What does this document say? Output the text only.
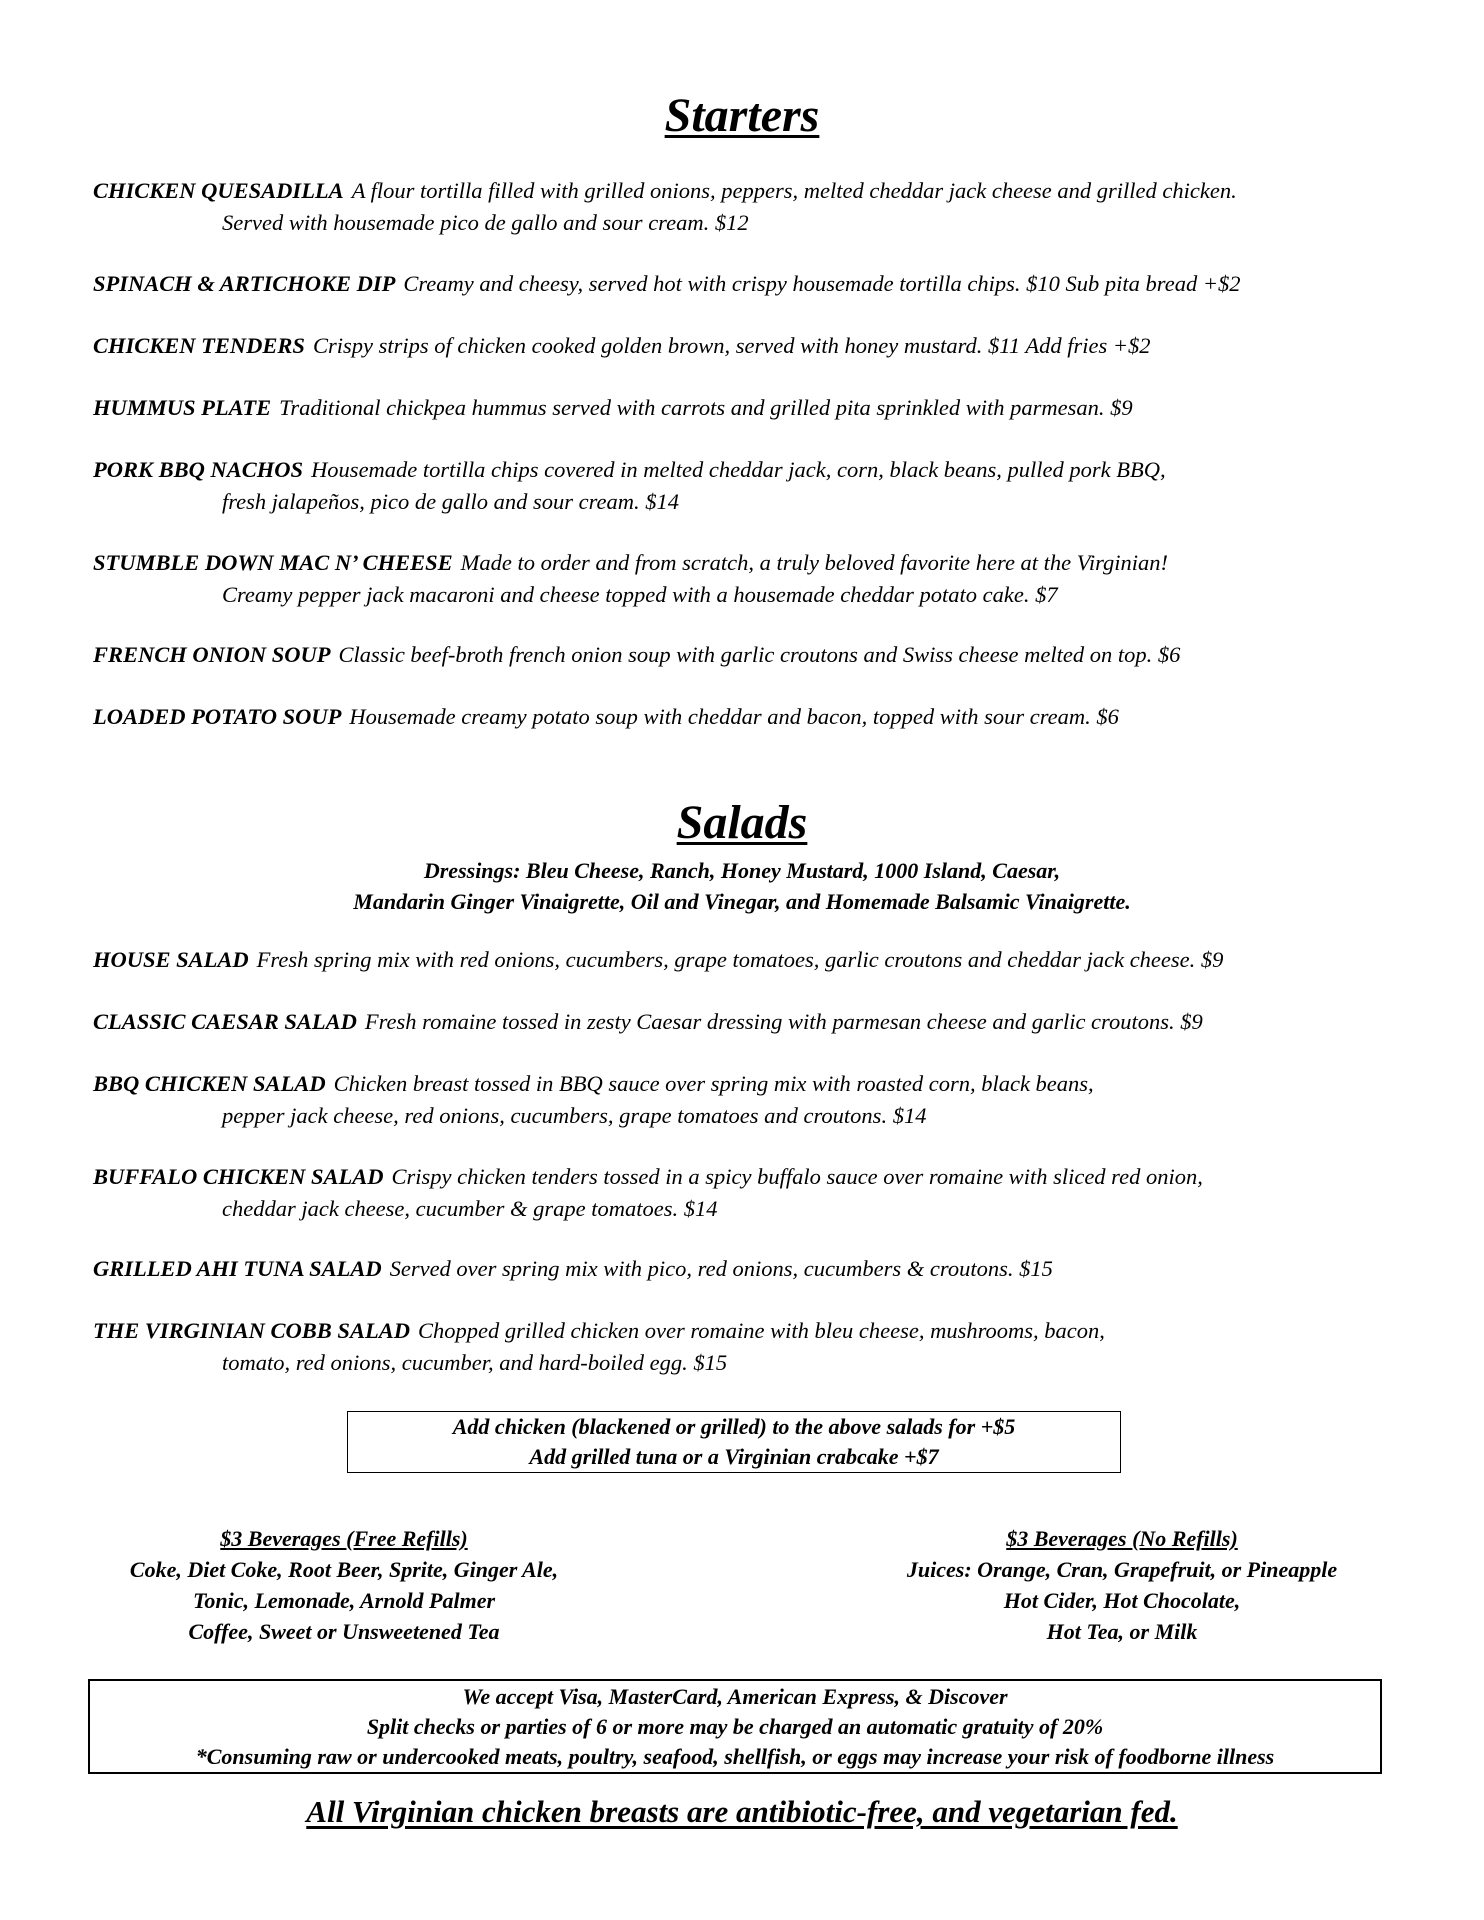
Starters

CHICKEN QUESADILLA A flour tortilla filled with grilled onions, peppers, melted cheddar jack cheese and grilled chicken.
Served with housemade pico de gallo and sour cream. $12

SPINACH & ARTICHOKE DIP Creamy and cheesy, served hot with crispy housemade tortilla chips. $10 Sub pita bread +$2

CHICKEN TENDERS Crispy strips of chicken cooked golden brown, served with honey mustard. $11 Add fries +$2

HUMMUS PLATE Traditional chickpea hummus served with carrots and grilled pita sprinkled with parmesan. $9

PORK BBQ NACHOS Housemade tortilla chips covered in melted cheddar jack, corn, black beans, pulled pork BBQ,
fresh jalapeños, pico de gallo and sour cream. $14

STUMBLE DOWN MAC N’ CHEESE Made to order and from scratch, a truly beloved favorite here at the Virginian!
Creamy pepper jack macaroni and cheese topped with a housemade cheddar potato cake. $7

FRENCH ONION SOUP Classic beef-broth french onion soup with garlic croutons and Swiss cheese melted on top. $6

LOADED POTATO SOUP Housemade creamy potato soup with cheddar and bacon, topped with sour cream. $6

Salads
Dressings: Bleu Cheese, Ranch, Honey Mustard, 1000 Island, Caesar,
Mandarin Ginger Vinaigrette, Oil and Vinegar, and Homemade Balsamic Vinaigrette.

HOUSE SALAD Fresh spring mix with red onions, cucumbers, grape tomatoes, garlic croutons and cheddar jack cheese. $9

CLASSIC CAESAR SALAD Fresh romaine tossed in zesty Caesar dressing with parmesan cheese and garlic croutons. $9

BBQ CHICKEN SALAD Chicken breast tossed in BBQ sauce over spring mix with roasted corn, black beans,
pepper jack cheese, red onions, cucumbers, grape tomatoes and croutons. $14

BUFFALO CHICKEN SALAD Crispy chicken tenders tossed in a spicy buffalo sauce over romaine with sliced red onion,
cheddar jack cheese, cucumber & grape tomatoes. $14

GRILLED AHI TUNA SALAD Served over spring mix with pico, red onions, cucumbers & croutons. $15

THE VIRGINIAN COBB SALAD Chopped grilled chicken over romaine with bleu cheese, mushrooms, bacon,
tomato, red onions, cucumber, and hard-boiled egg. $15

Add chicken (blackened or grilled) to the above salads for +$5
Add grilled tuna or a Virginian crabcake +$7
$3 Beverages (Free Refills)
Coke, Diet Coke, Root Beer, Sprite, Ginger Ale,
Tonic, Lemonade, Arnold Palmer
Coffee, Sweet or Unsweetened Tea
$3 Beverages (No Refills)
Juices: Orange, Cran, Grapefruit, or Pineapple
Hot Cider, Hot Chocolate,
Hot Tea, or Milk
We accept Visa, MasterCard, American Express, & Discover
Split checks or parties of 6 or more may be charged an automatic gratuity of 20%
*Consuming raw or undercooked meats, poultry, seafood, shellfish, or eggs may increase your risk of foodborne illness

All Virginian chicken breasts are antibiotic-free, and vegetarian fed.
